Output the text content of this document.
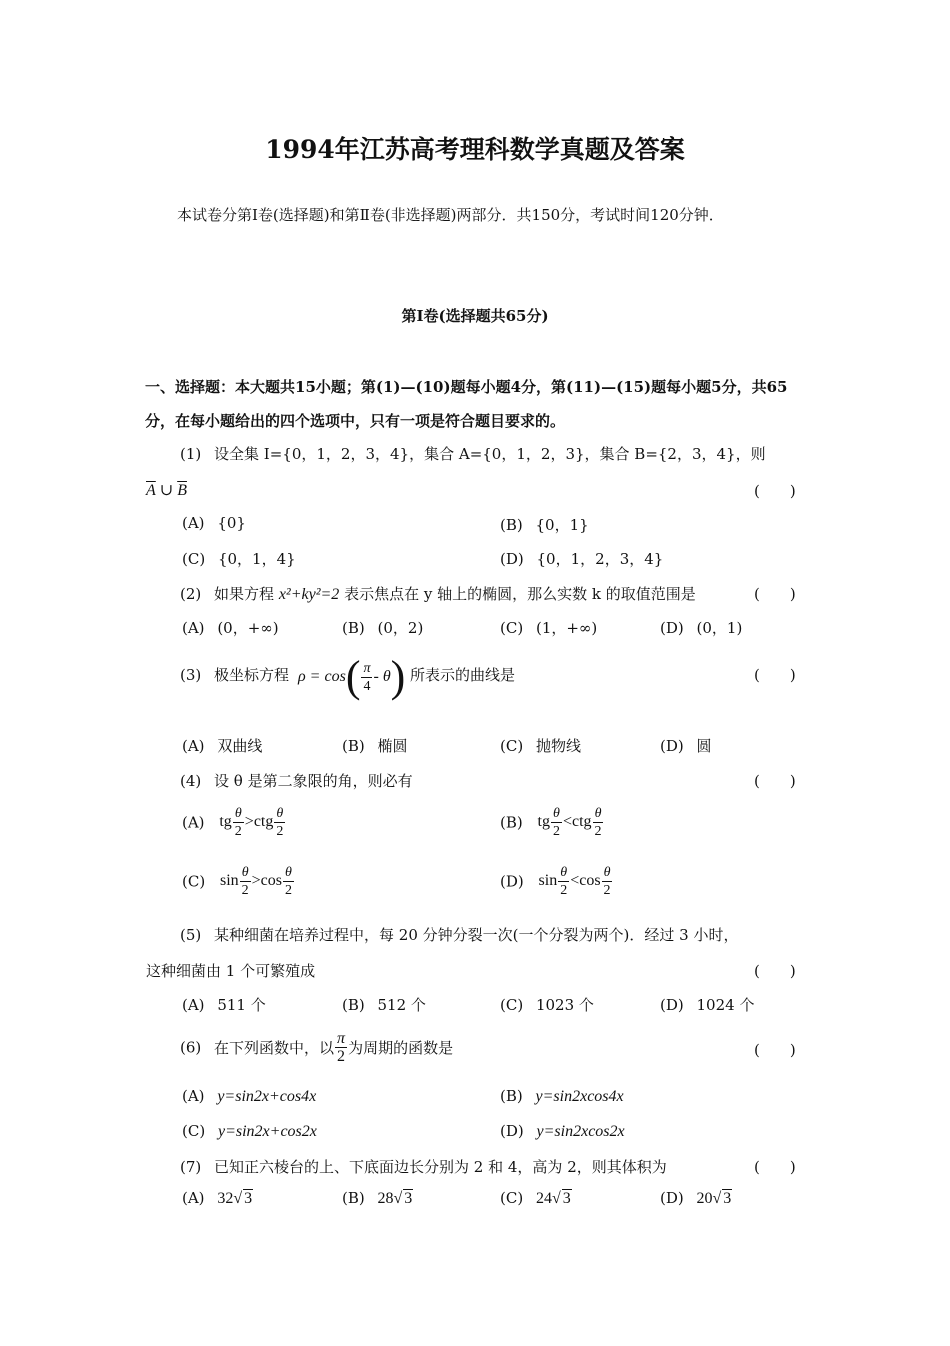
1994年江苏高考理科数学真题及答案
本试卷分第Ⅰ卷(选择题)和第Ⅱ卷(非选择题)两部分．共150分，考试时间120分钟．
第Ⅰ卷(选择题共65分)
一、选择题：本大题共15小题；第(1)—(10)题每小题4分，第(11)—(15)题每小题5分，共65分，在每小题给出的四个选项中，只有一项是符合题目要求的。
(1) 设全集 I={0，1，2，3，4}，集合 A={0，1，2，3}，集合 B={2，3，4}，则
$\overline{A}$ ∪ $\overline{B}$	(　　)
(A) {0}	(B) {0，1}
(C) {0，1，4}	(D) {0，1，2，3，4}
(2) 如果方程 x²+ky²=2 表示焦点在 y 轴上的椭圆，那么实数 k 的取值范围是	(　　)
(A) (0，+∞)	(B) (0，2)	(C) (1，+∞)	(D) (0，1)
(3) 极坐标方程 $\rho = \cos( \frac{\pi}{4} - \theta)$ 所表示的曲线是	(　　)
(A) 双曲线	(B) 椭圆	(C) 抛物线	(D) 圆
(4) 设 θ 是第二象限的角，则必有	(　　)
(A) tg $\frac{\theta}{2} >ctg \frac{\theta}{2}$	(B) tg $\frac{\theta}{2} <ctg \frac{\theta}{2}$
(C) $\sin \frac{\theta}{2} >\cos \frac{\theta}{2}$	(D) $\sin \frac{\theta}{2} <\cos \frac{\theta}{2}$
(5) 某种细菌在培养过程中，每 20 分钟分裂一次(一个分裂为两个)．经过 3 小时，
这种细菌由 1 个可繁殖成	(　　)
(A) 511 个	(B) 512 个	(C) 1023 个	(D) 1024 个
(6) 在下列函数中，以 $\frac{\pi}{2}$ 为周期的函数是	(　　)
(A) y=sin2x+cos4x	(B) y=sin2xcos4x
(C) y=sin2x+cos2x	(D) y=sin2xcos2x
(7) 已知正六棱台的上、下底面边长分别为 2 和 4，高为 2，则其体积为	(　　)
(A) 32√ 3	(B) 28√ 3	(C) 24√ 3	(D) 20√ 3
